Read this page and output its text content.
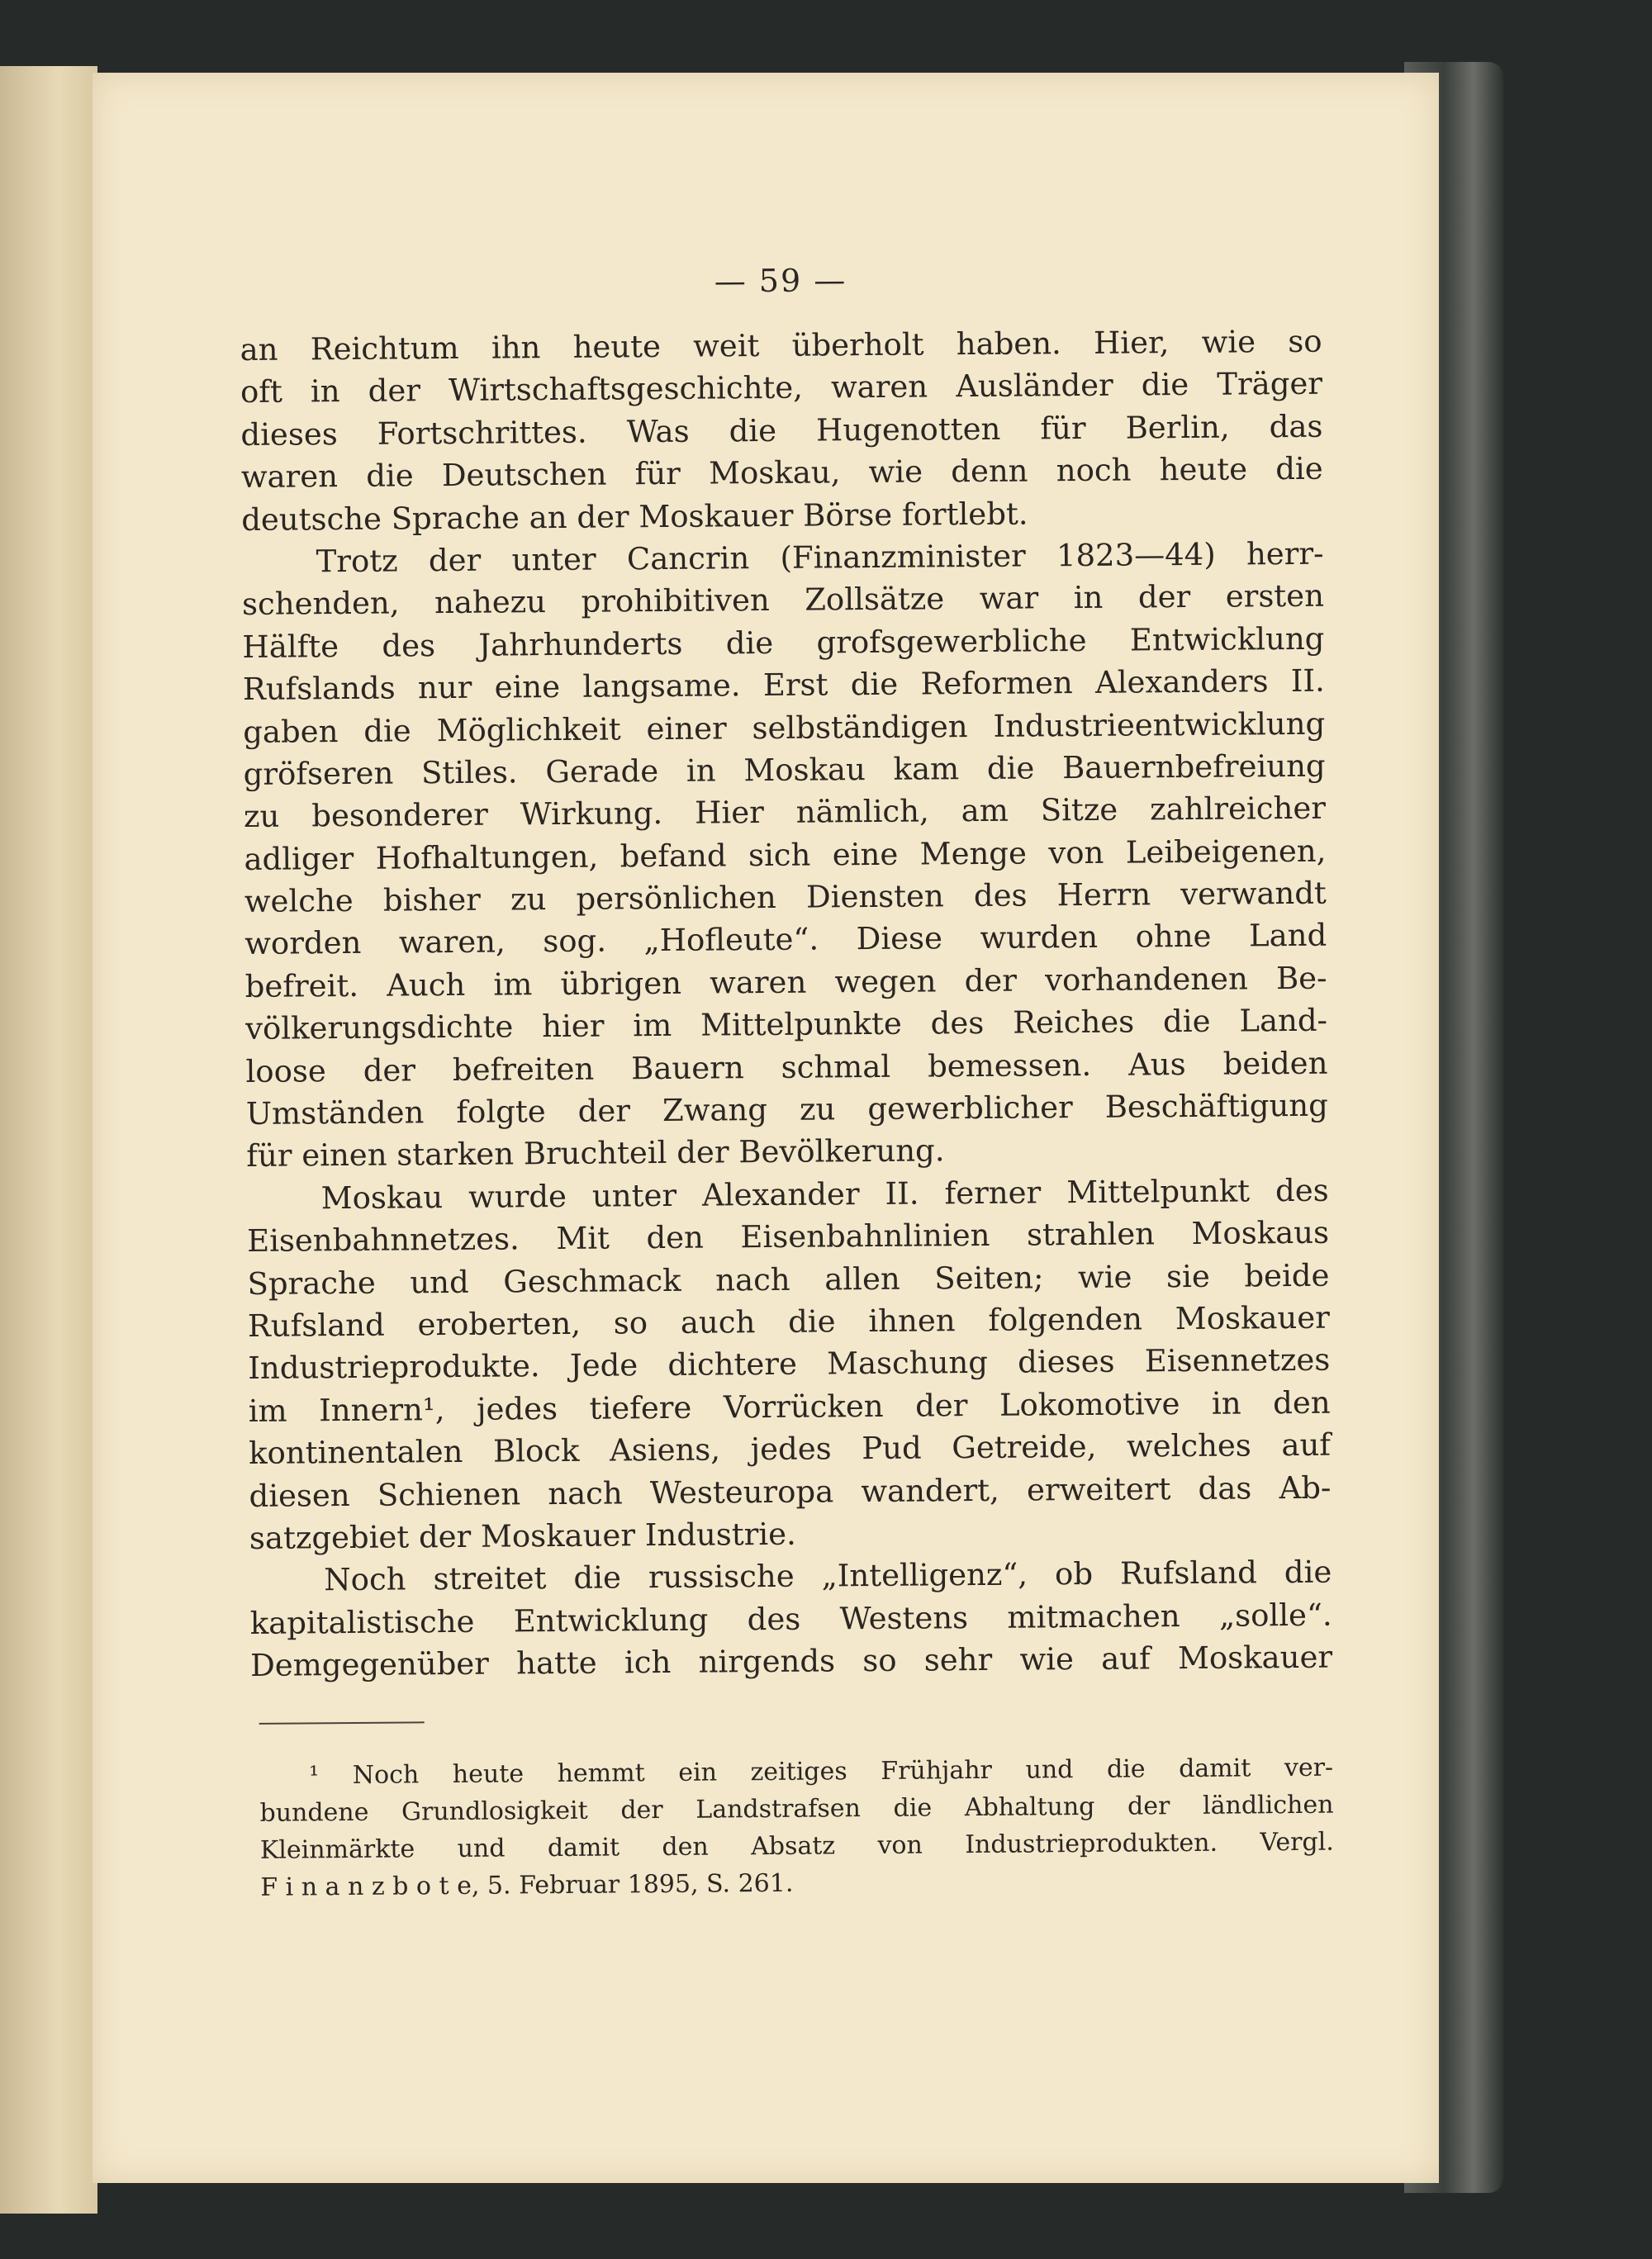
— 59 —
an Reichtum ihn heute weit überholt haben. Hier, wie so
oft in der Wirtschaftsgeschichte, waren Ausländer die Träger
dieses Fortschrittes. Was die Hugenotten für Berlin, das
waren die Deutschen für Moskau, wie denn noch heute die
deutsche Sprache an der Moskauer Börse fortlebt.
Trotz der unter Cancrin (Finanzminister 1823—44) herr-
schenden, nahezu prohibitiven Zollsätze war in der ersten
Hälfte des Jahrhunderts die grofsgewerbliche Entwicklung
Rufslands nur eine langsame. Erst die Reformen Alexanders II.
gaben die Möglichkeit einer selbständigen Industrieentwicklung
gröfseren Stiles. Gerade in Moskau kam die Bauernbefreiung
zu besonderer Wirkung. Hier nämlich, am Sitze zahlreicher
adliger Hofhaltungen, befand sich eine Menge von Leibeigenen,
welche bisher zu persönlichen Diensten des Herrn verwandt
worden waren, sog. „Hofleute“. Diese wurden ohne Land
befreit. Auch im übrigen waren wegen der vorhandenen Be-
völkerungsdichte hier im Mittelpunkte des Reiches die Land-
loose der befreiten Bauern schmal bemessen. Aus beiden
Umständen folgte der Zwang zu gewerblicher Beschäftigung
für einen starken Bruchteil der Bevölkerung.
Moskau wurde unter Alexander II. ferner Mittelpunkt des
Eisenbahnnetzes. Mit den Eisenbahnlinien strahlen Moskaus
Sprache und Geschmack nach allen Seiten; wie sie beide
Rufsland eroberten, so auch die ihnen folgenden Moskauer
Industrieprodukte. Jede dichtere Maschung dieses Eisennetzes
im Innern¹, jedes tiefere Vorrücken der Lokomotive in den
kontinentalen Block Asiens, jedes Pud Getreide, welches auf
diesen Schienen nach Westeuropa wandert, erweitert das Ab-
satzgebiet der Moskauer Industrie.
Noch streitet die russische „Intelligenz“, ob Rufsland die
kapitalistische Entwicklung des Westens mitmachen „solle“.
Demgegenüber hatte ich nirgends so sehr wie auf Moskauer
¹ Noch heute hemmt ein zeitiges Frühjahr und die damit ver-
bundene Grundlosigkeit der Landstrafsen die Abhaltung der ländlichen
Kleinmärkte und damit den Absatz von Industrieprodukten. Vergl.
F i n a n z b o t e, 5. Februar 1895, S. 261.
